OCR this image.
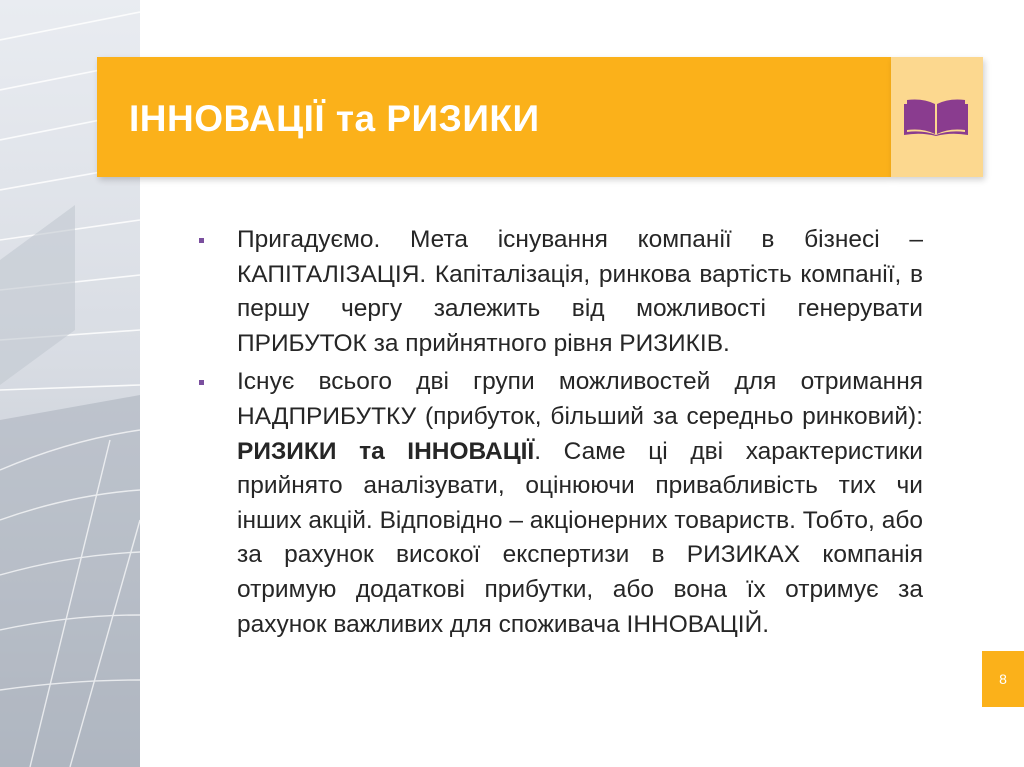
ІННОВАЦІЇ та РИЗИКИ
Пригадуємо. Мета існування компанії в бізнесі – КАПІТАЛІЗАЦІЯ. Капіталізація, ринкова вартість компанії, в першу чергу залежить від можливості генерувати ПРИБУТОК за прийнятного рівня РИЗИКІВ.
Існує всього дві групи можливостей для отримання НАДПРИБУТКУ (прибуток, більший за середньо ринковий): РИЗИКИ та ІННОВАЦІЇ. Саме ці дві характеристики прийнято аналізувати, оцінюючи привабливість тих чи інших акцій. Відповідно – акціонерних товариств. Тобто, або за рахунок високої експертизи в РИЗИКАХ компанія отримую додаткові прибутки, або вона їх отримує за рахунок важливих для споживача ІННОВАЦІЙ.
8
